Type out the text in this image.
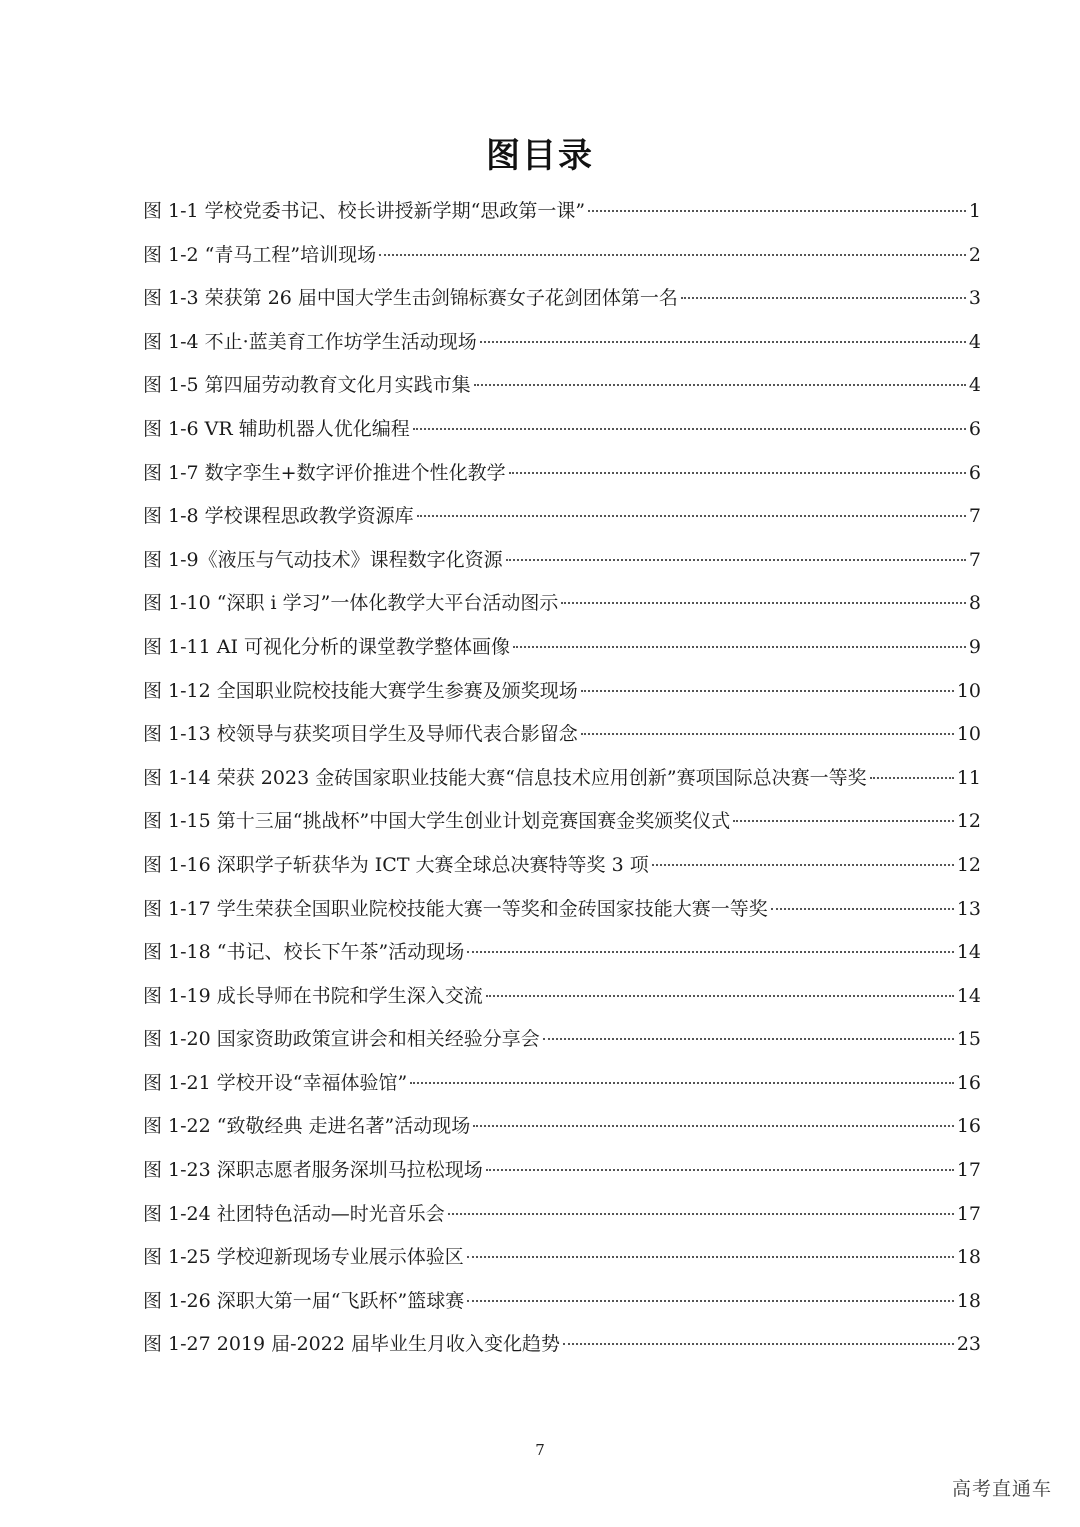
图目录
图 1-1 学校党委书记、校长讲授新学期“思政第一课”	1
图 1-2 “青马工程”培训现场	2
图 1-3 荣获第 26 届中国大学生击剑锦标赛女子花剑团体第一名	3
图 1-4 不止·蓝美育工作坊学生活动现场	4
图 1-5 第四届劳动教育文化月实践市集	4
图 1-6 VR 辅助机器人优化编程	6
图 1-7 数字孪生+数字评价推进个性化教学	6
图 1-8 学校课程思政教学资源库	7
图 1-9《液压与气动技术》课程数字化资源	7
图 1-10 “深职 i 学习”一体化教学大平台活动图示	8
图 1-11 AI 可视化分析的课堂教学整体画像	9
图 1-12 全国职业院校技能大赛学生参赛及颁奖现场	10
图 1-13 校领导与获奖项目学生及导师代表合影留念	10
图 1-14 荣获 2023 金砖国家职业技能大赛“信息技术应用创新”赛项国际总决赛一等奖	11
图 1-15 第十三届“挑战杯”中国大学生创业计划竞赛国赛金奖颁奖仪式	12
图 1-16 深职学子斩获华为 ICT 大赛全球总决赛特等奖 3 项	12
图 1-17 学生荣获全国职业院校技能大赛一等奖和金砖国家技能大赛一等奖	13
图 1-18 “书记、校长下午茶”活动现场	14
图 1-19 成长导师在书院和学生深入交流	14
图 1-20 国家资助政策宣讲会和相关经验分享会	15
图 1-21 学校开设“幸福体验馆”	16
图 1-22 “致敬经典 走进名著”活动现场	16
图 1-23 深职志愿者服务深圳马拉松现场	17
图 1-24 社团特色活动—时光音乐会	17
图 1-25 学校迎新现场专业展示体验区	18
图 1-26 深职大第一届“飞跃杯”篮球赛	18
图 1-27 2019 届-2022 届毕业生月收入变化趋势	23
7
高考直通车
